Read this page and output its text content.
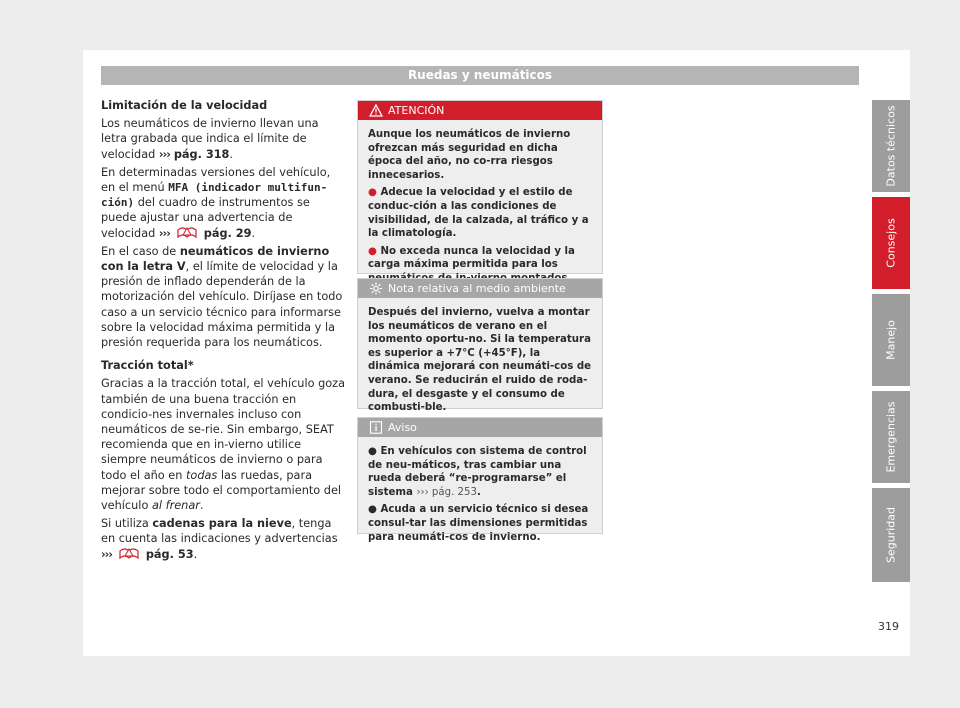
Ruedas y neumáticos

Limitación de la velocidad

Los neumáticos de invierno llevan una letra grabada que indica el límite de velocidad ››› pág. 318.

En determinadas versiones del vehículo, en el menú MFA (indicador multifun-ción) del cuadro de instrumentos se puede ajustar una advertencia de velocidad ›››	pág. 29.

En el caso de neumáticos de invierno con la letra V, el límite de velocidad y la presión de inflado dependerán de la motorización del vehículo. Diríjase en todo caso a un servicio técnico para informarse sobre la velocidad máxima permitida y la presión requerida para los neumáticos.

Tracción total*

Gracias a la tracción total, el vehículo goza también de una buena tracción en condicio-nes invernales incluso con neumáticos de se-rie. Sin embargo, SEAT recomienda que en in-vierno utilice siempre neumáticos de invierno o para todo el año en todas las ruedas, para mejorar sobre todo el comportamiento del vehículo al frenar.

Si utiliza cadenas para la nieve, tenga en cuenta las indicaciones y advertencias ›››	pág. 53.

ATENCIÓN

Aunque los neumáticos de invierno ofrezcan más seguridad en dicha época del año, no co-rra riesgos innecesarios.

● Adecue la velocidad y el estilo de conduc-ción a las condiciones de visibilidad, de la calzada, al tráfico y a la climatología.

● No exceda nunca la velocidad y la carga máxima permitida para los

Nota relativa al medio ambiente

Después del invierno, vuelva a montar los neumáticos de verano en el momento oportu-no. Si la temperatura es superior a +7°C (+45°F), la dinámica mejorará con neumáti-cos de verano. Se reducirán el ruido de roda-dura, el desgaste y el consumo de combusti-ble.

Aviso

● En vehículos con sistema de control de neu-máticos, tras cambiar una rueda deberá “re-programarse” el sistema ››› pág. 253.

● Acuda a un servicio técnico si desea consul-tar las dimensiones permitidas para neumáti-cos de invierno.

Datos técnicos
Consejos
Manejo
Emergencias
Seguridad
319
